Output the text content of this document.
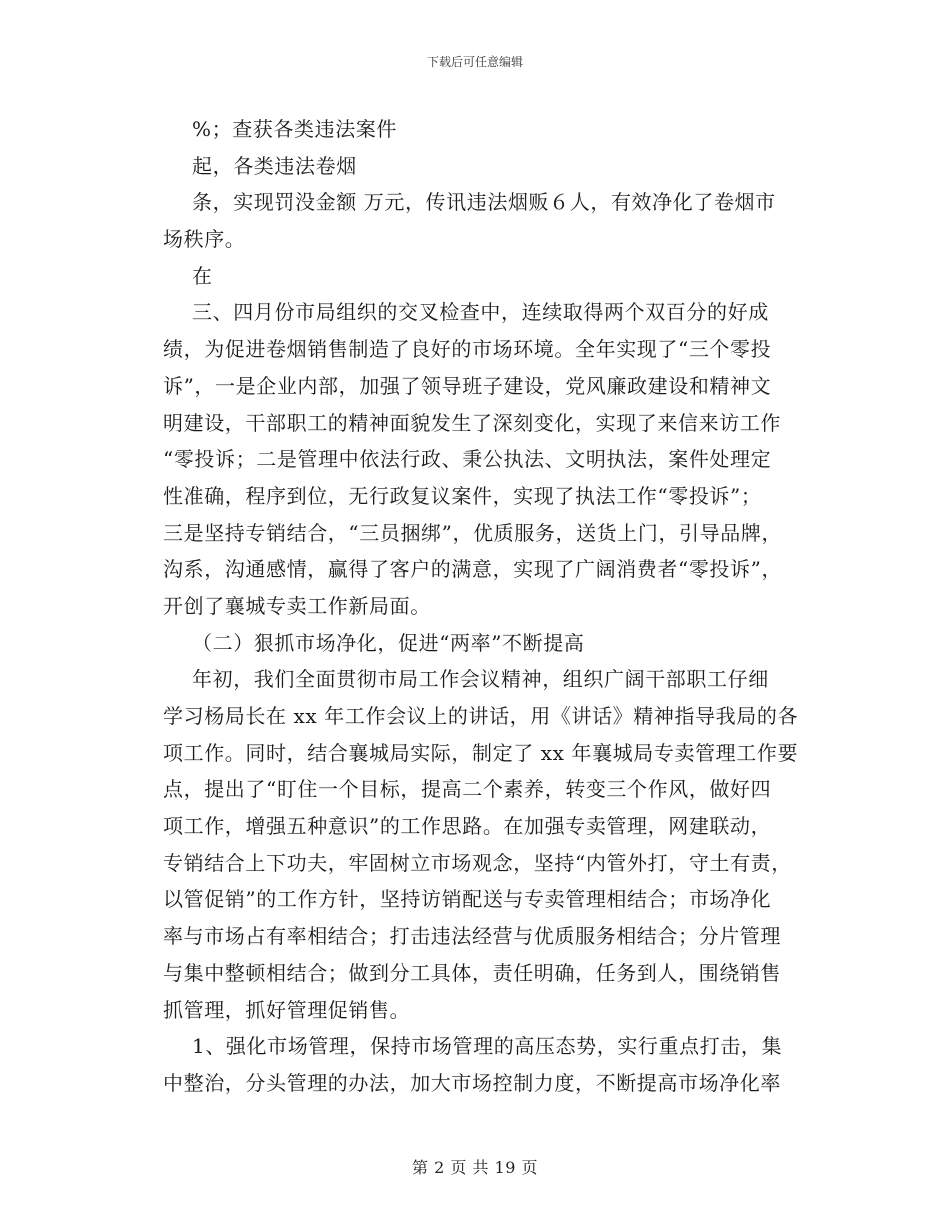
下载后可任意编辑
%；查获各类违法案件
起，各类违法卷烟
条，实现罚没金额 万元，传讯违法烟贩６人，有效净化了卷烟市
场秩序。
在
三、四月份市局组织的交叉检查中，连续取得两个双百分的好成
绩，为促进卷烟销售制造了良好的市场环境。全年实现了“三个零投
诉”，一是企业内部，加强了领导班子建设，党风廉政建设和精神文
明建设，干部职工的精神面貌发生了深刻变化，实现了来信来访工作
“零投诉；二是管理中依法行政、秉公执法、文明执法，案件处理定
性准确，程序到位，无行政复议案件，实现了执法工作“零投诉”；
三是坚持专销结合，“三员捆绑”，优质服务，送货上门，引导品牌，
沟系，沟通感情，赢得了客户的满意，实现了广阔消费者“零投诉”，
开创了襄城专卖工作新局面。
（二）狠抓市场净化，促进“两率”不断提高
年初，我们全面贯彻市局工作会议精神，组织广阔干部职工仔细
学习杨局长在 xx 年工作会议上的讲话，用《讲话》精神指导我局的各
项工作。同时，结合襄城局实际，制定了 xx 年襄城局专卖管理工作要
点，提出了“盯住一个目标，提高二个素养，转变三个作风，做好四
项工作，增强五种意识”的工作思路。在加强专卖管理，网建联动，
专销结合上下功夫，牢固树立市场观念，坚持“内管外打，守土有责，
以管促销”的工作方针，坚持访销配送与专卖管理相结合；市场净化
率与市场占有率相结合；打击违法经营与优质服务相结合；分片管理
与集中整顿相结合；做到分工具体，责任明确，任务到人，围绕销售
抓管理，抓好管理促销售。
1、强化市场管理，保持市场管理的高压态势，实行重点打击，集
中整治，分头管理的办法，加大市场控制力度，不断提高市场净化率
第 2 页 共 19 页
